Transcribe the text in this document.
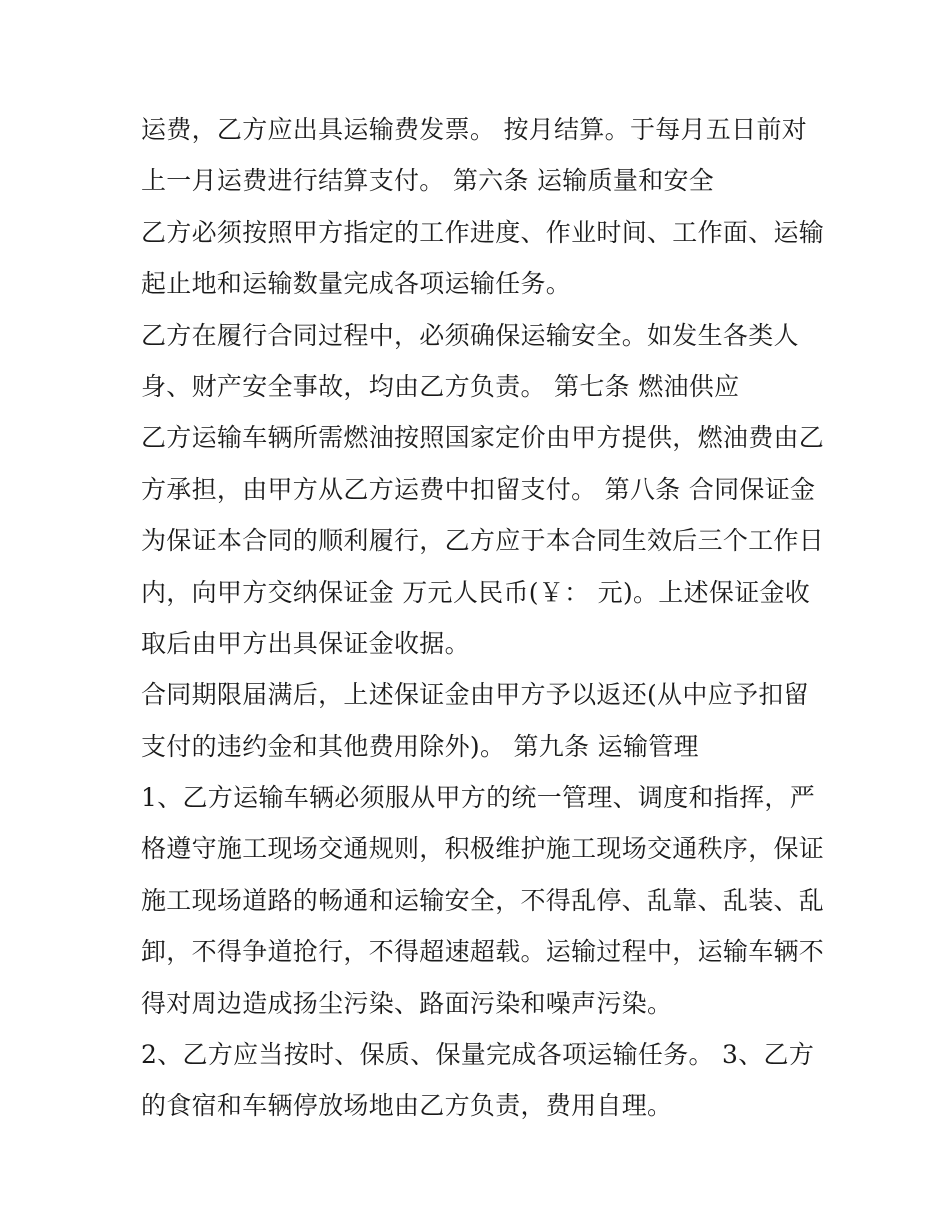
运费，乙方应出具运输费发票。 按月结算。于每月五日前对
上一月运费进行结算支付。 第六条 运输质量和安全
乙方必须按照甲方指定的工作进度、作业时间、工作面、运输
起止地和运输数量完成各项运输任务。
乙方在履行合同过程中，必须确保运输安全。如发生各类人
身、财产安全事故，均由乙方负责。 第七条 燃油供应
乙方运输车辆所需燃油按照国家定价由甲方提供，燃油费由乙
方承担，由甲方从乙方运费中扣留支付。 第八条 合同保证金
为保证本合同的顺利履行，乙方应于本合同生效后三个工作日
内，向甲方交纳保证金 万元人民币(￥： 元)。上述保证金收
取后由甲方出具保证金收据。
合同期限届满后，上述保证金由甲方予以返还(从中应予扣留
支付的违约金和其他费用除外)。 第九条 运输管理
1、乙方运输车辆必须服从甲方的统一管理、调度和指挥，严
格遵守施工现场交通规则，积极维护施工现场交通秩序，保证
施工现场道路的畅通和运输安全，不得乱停、乱靠、乱装、乱
卸，不得争道抢行，不得超速超载。运输过程中，运输车辆不
得对周边造成扬尘污染、路面污染和噪声污染。
2、乙方应当按时、保质、保量完成各项运输任务。 3、乙方
的食宿和车辆停放场地由乙方负责，费用自理。
